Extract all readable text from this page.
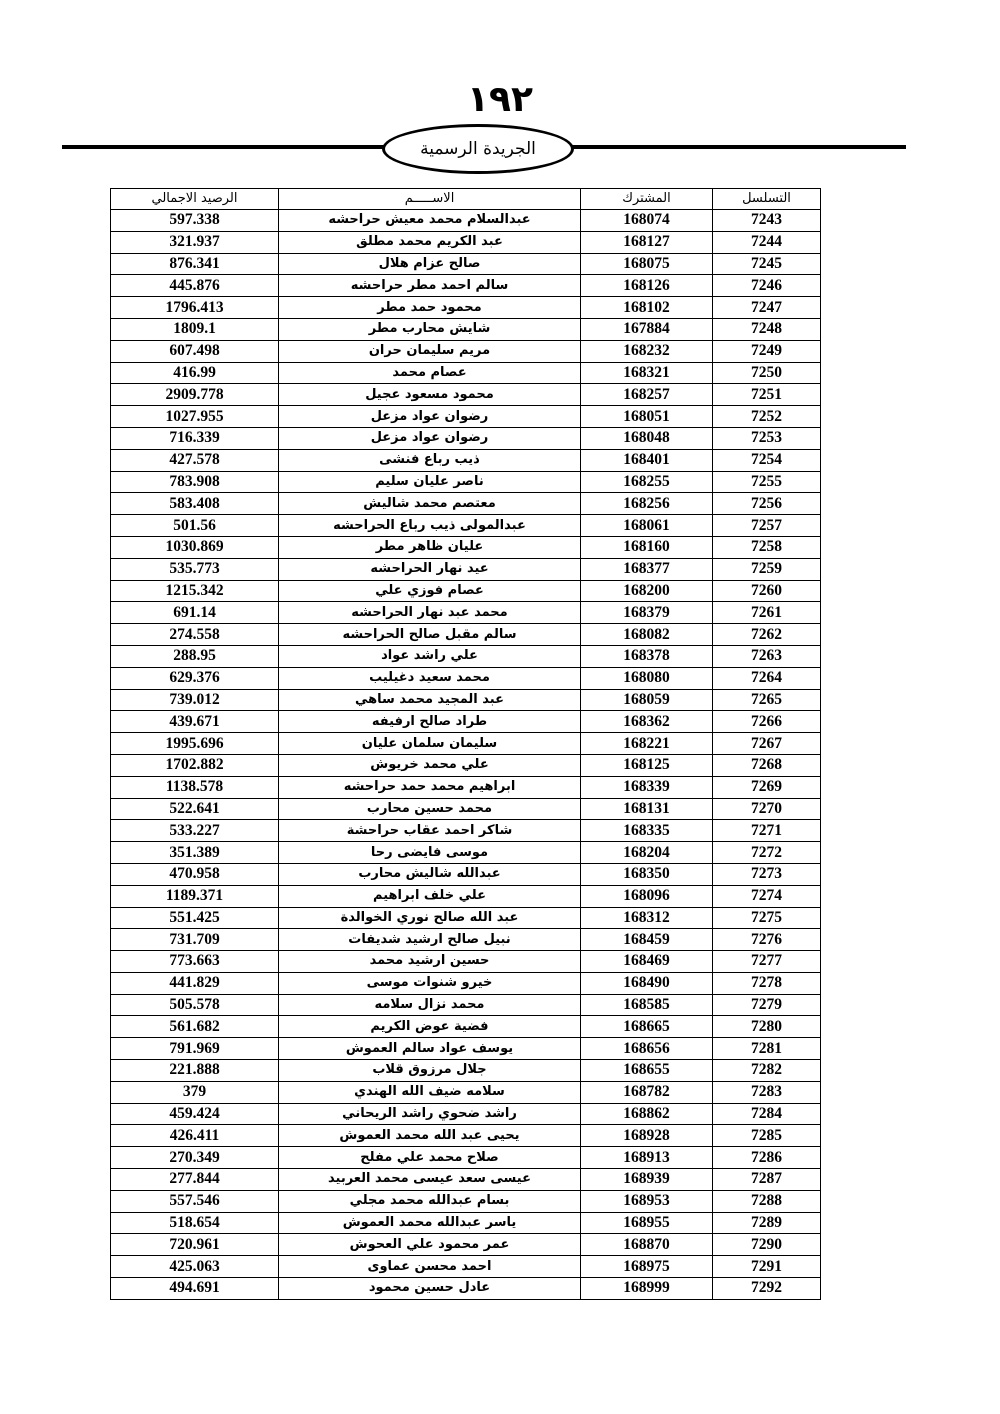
١٩٢
الجريدة الرسمية
التسلسل	المشترك	الاســـــم	الرصيد الاجمالي
7243	168074	عبدالسلام محمد معيش حراحشه	597.338
7244	168127	عبد الكريم محمد مطلق	321.937
7245	168075	صالح عزام هلال	876.341
7246	168126	سالم احمد مطر حراحشه	445.876
7247	168102	محمود حمد مطر	1796.413
7248	167884	شايش محارب مطر	1809.1
7249	168232	مريم سليمان حران	607.498
7250	168321	عصام محمد	416.99
7251	168257	محمود مسعود عجيل	2909.778
7252	168051	رضوان عواد مزعل	1027.955
7253	168048	رضوان عواد مزعل	716.339
7254	168401	ذيب رباع فنشى	427.578
7255	168255	ناصر عليان سليم	783.908
7256	168256	معتصم محمد شاليش	583.408
7257	168061	عبدالمولى ذيب رباع الحراحشه	501.56
7258	168160	عليان ظاهر مطر	1030.869
7259	168377	عيد نهار الحراحشه	535.773
7260	168200	عصام فوزي علي	1215.342
7261	168379	محمد عبد نهار الحراحشه	691.14
7262	168082	سالم مقبل صالح الحراحشه	274.558
7263	168378	علي راشد عواد	288.95
7264	168080	محمد سعيد دغيليب	629.376
7265	168059	عبد المجيد محمد ساهي	739.012
7266	168362	طراد صالح ارفيفه	439.671
7267	168221	سليمان سلمان عليان	1995.696
7268	168125	علي محمد خريوش	1702.882
7269	168339	ابراهيم محمد حمد حراحشه	1138.578
7270	168131	محمد حسين محارب	522.641
7271	168335	شاكر احمد عقاب حراحشة	533.227
7272	168204	موسى فايضى رحا	351.389
7273	168350	عبدالله شاليش محارب	470.958
7274	168096	علي خلف ابراهيم	1189.371
7275	168312	عبد الله صالح نوري الخوالدة	551.425
7276	168459	نبيل صالح ارشيد شديفات	731.709
7277	168469	حسين ارشيد محمد	773.663
7278	168490	خيرو شنوات موسى	441.829
7279	168585	محمد نزال سلامه	505.578
7280	168665	فضية عوض الكريم	561.682
7281	168656	يوسف عواد سالم العموش	791.969
7282	168655	جلال مرزوق قلاب	221.888
7283	168782	سلامه ضيف الله الهندي	379
7284	168862	راشد ضحوي راشد الريحاني	459.424
7285	168928	يحيى عبد الله محمد العموش	426.411
7286	168913	صلاح محمد علي مفلح	270.349
7287	168939	عيسى سعد عيسى محمد العربيد	277.844
7288	168953	بسام عبدالله محمد مجلي	557.546
7289	168955	ياسر عبدالله محمد العموش	518.654
7290	168870	عمر محمود علي العحوش	720.961
7291	168975	احمد محسن عماوى	425.063
7292	168999	عادل حسين محمود	494.691
